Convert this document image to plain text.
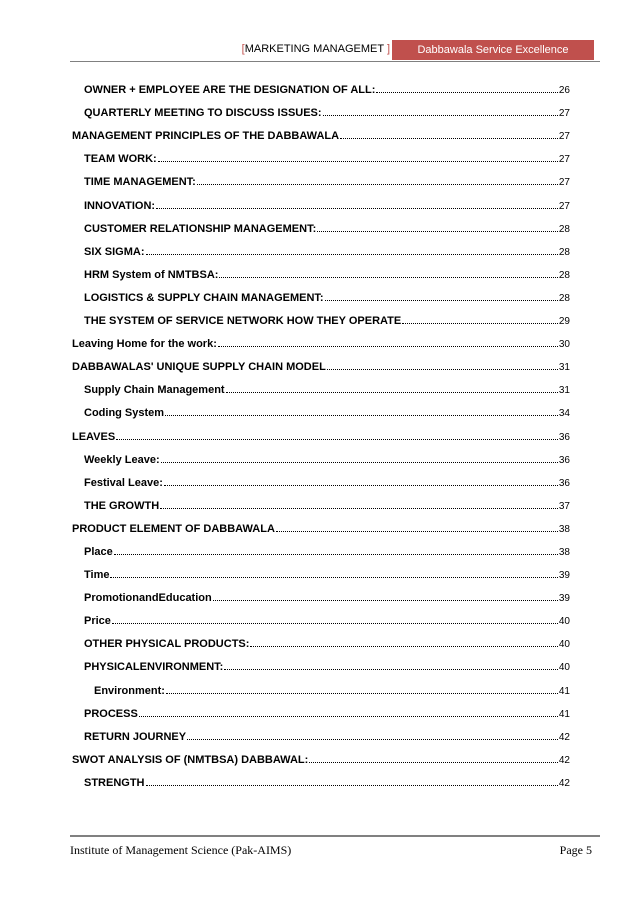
[MARKETING MANAGEMET ]	Dabbawala Service Excellence
OWNER + EMPLOYEE ARE THE DESIGNATION OF ALL:	26
QUARTERLY MEETING TO DISCUSS ISSUES:	27
MANAGEMENT PRINCIPLES OF THE DABBAWALA	27
TEAM WORK:	27
TIME MANAGEMENT:	27
INNOVATION:	27
CUSTOMER RELATIONSHIP MANAGEMENT:	28
SIX SIGMA:	28
HRM System of NMTBSA:	28
LOGISTICS & SUPPLY CHAIN MANAGEMENT:	28
THE SYSTEM OF SERVICE NETWORK HOW THEY OPERATE	29
Leaving Home for the work:	30
DABBAWALAS' UNIQUE SUPPLY CHAIN MODEL	31
Supply Chain Management	31
Coding System	34
LEAVES	36
Weekly Leave:	36
Festival Leave:	36
THE GROWTH	37
PRODUCT ELEMENT OF DABBAWALA	38
Place	38
Time	39
PromotionandEducation	39
Price	40
OTHER PHYSICAL PRODUCTS:	40
PHYSICALENVIRONMENT:	40
Environment:	41
PROCESS	41
RETURN JOURNEY	42
SWOT ANALYSIS OF (NMTBSA) DABBAWAL:	42
STRENGTH	42
Institute of Management Science (Pak-AIMS)	Page 5
